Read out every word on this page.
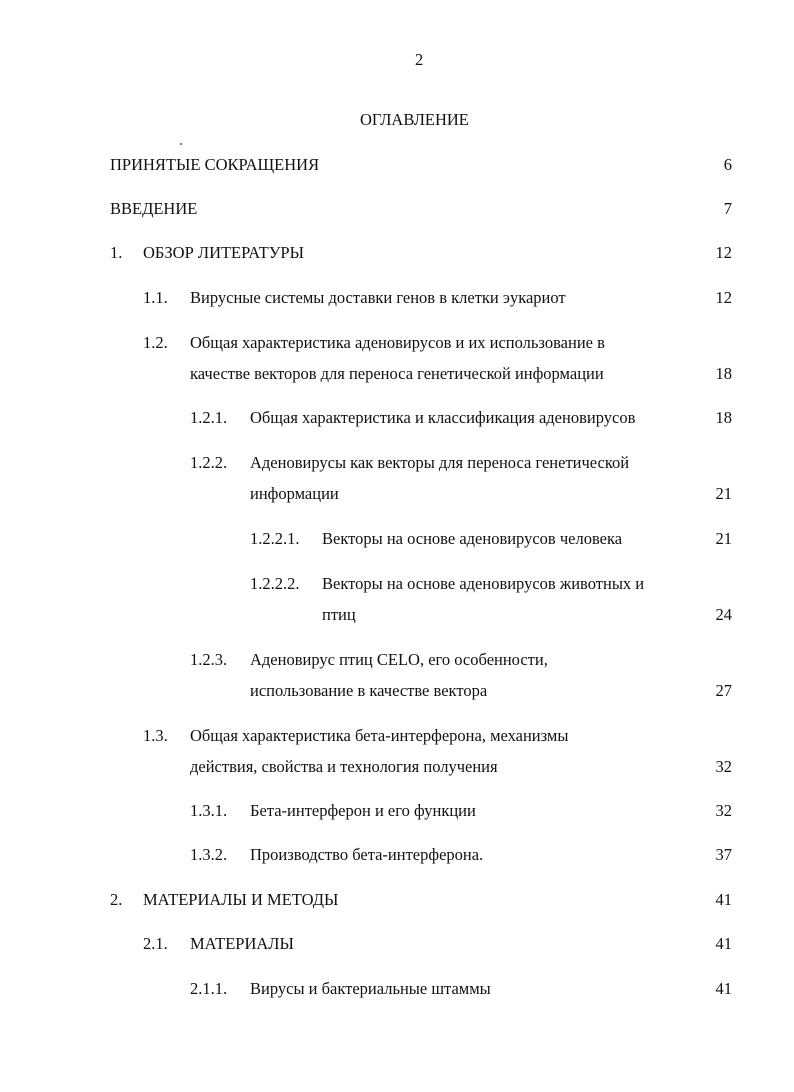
2
ОГЛАВЛЕНИЕ
ПРИНЯТЫЕ СОКРАЩЕНИЯ	6
ВВЕДЕНИЕ	7
1. ОБЗОР ЛИТЕРАТУРЫ	12
1.1. Вирусные системы доставки генов в клетки эукариот	12
1.2. Общая характеристика аденовирусов и их использование в
качестве векторов для переноса генетической информации	18
1.2.1. Общая характеристика и классификация аденовирусов	18
1.2.2. Аденовирусы как векторы для переноса генетической
информации	21
1.2.2.1. Векторы на основе аденовирусов человека	21
1.2.2.2. Векторы на основе аденовирусов животных и
птиц	24
1.2.3. Аденовирус птиц CELO, его особенности,
использование в качестве вектора	27
1.3. Общая характеристика бета-интерферона, механизмы
действия, свойства и технология получения	32
1.3.1. Бета-интерферон и его функции	32
1.3.2. Производство бета-интерферона.	37
2. МАТЕРИАЛЫ И МЕТОДЫ	41
2.1. МАТЕРИАЛЫ	41
2.1.1. Вирусы и бактериальные штаммы	41
